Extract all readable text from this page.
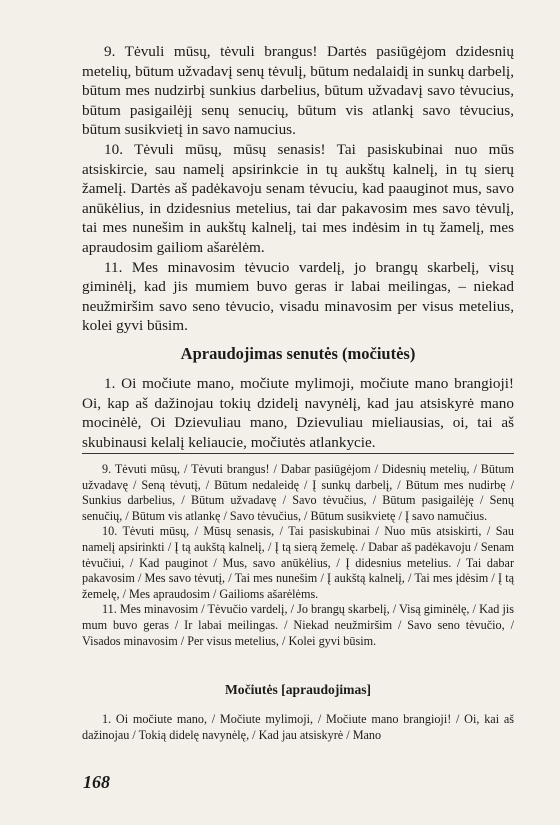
9. Tėvuli mūsų, tėvuli brangus! Dartės pasiūgėjom dzidesnių metelių, būtum užvadavį senų tėvulį, būtum nedalaidį in sunkų darbelį, būtum mes nudzirbį sunkius darbelius, būtum užvadavį savo tėvucius, būtum pasigailėjį senų senucių, būtum vis atlankį savo tėvucius, būtum susikvietį in savo namucius.

10. Tėvuli mūsų, mūsų senasis! Tai pasiskubinai nuo mūs atsiskircie, sau namelį apsirinkcie in tų aukštų kalnelį, in tų sierų žamelį. Dartės aš padėkavoju senam tėvuciu, kad paauginot mus, savo anūkėlius, in dzidesnius metelius, tai dar pakavosim mes savo tėvulį, tai mes nunešim in aukštų kalnelį, tai mes indėsim in tų žamelį, mes apraudosim gailiom ašarėlėm.

11. Mes minavosim tėvucio vardelį, jo brangų skarbelį, visų giminėlį, kad jis mumiem buvo geras ir labai meilingas, – niekad neužmiršim savo seno tėvucio, visadu minavosim per visus metelius, kolei gyvi būsim.

Apraudojimas senutės (močiutės)

1. Oi močiute mano, močiute mylimoji, močiute mano brangioji! Oi, kap aš dažinojau tokių dzidelį navynėlį, kad jau atsiskyrė mano mocinėlė, Oi Dzievuliau mano, Dzievuliau mieliausias, oi, tai aš skubinausi kelalį keliaucie, močiutės atlankycie.

9. Tėvuti mūsų, / Tėvuti brangus! / Dabar pasiūgėjom / Didesnių metelių, / Būtum užvadavę / Seną tėvutį, / Būtum nedaleidę / Į sunkų darbelį, / Būtum mes nudirbę / Sunkius darbelius, / Būtum užvadavę / Savo tėvučius, / Būtum pasigailėję / Senų senučių, / Būtum vis atlankę / Savo tėvučius, / Būtum susikvietę / Į savo namučius.

10. Tėvuti mūsų, / Mūsų senasis, / Tai pasiskubinai / Nuo mūs atsiskirti, / Sau namelį apsirinkti / Į tą aukštą kalnelį, / Į tą sierą žemelę. / Dabar aš padėkavoju / Senam tėvučiui, / Kad pauginot / Mus, savo anūkėlius, / Į didesnius metelius. / Tai dabar pakavosim / Mes savo tėvutį, / Tai mes nunešim / Į aukštą kalnelį, / Tai mes įdėsim / Į tą žemelę, / Mes apraudosim / Gailioms ašarėlėms.

11. Mes minavosim / Tėvučio vardelį, / Jo brangų skarbelį, / Visą giminėlę, / Kad jis mum buvo geras / Ir labai meilingas. / Niekad neužmiršim / Savo seno tėvučio, / Visados minavosim / Per visus metelius, / Kolei gyvi būsim.

Močiutės [apraudojimas]

1. Oi močiute mano, / Močiute mylimoji, / Močiute mano brangioji! / Oi, kai aš dažinojau / Tokią didelę navynėlę, / Kad jau atsiskyrė / Mano

168
